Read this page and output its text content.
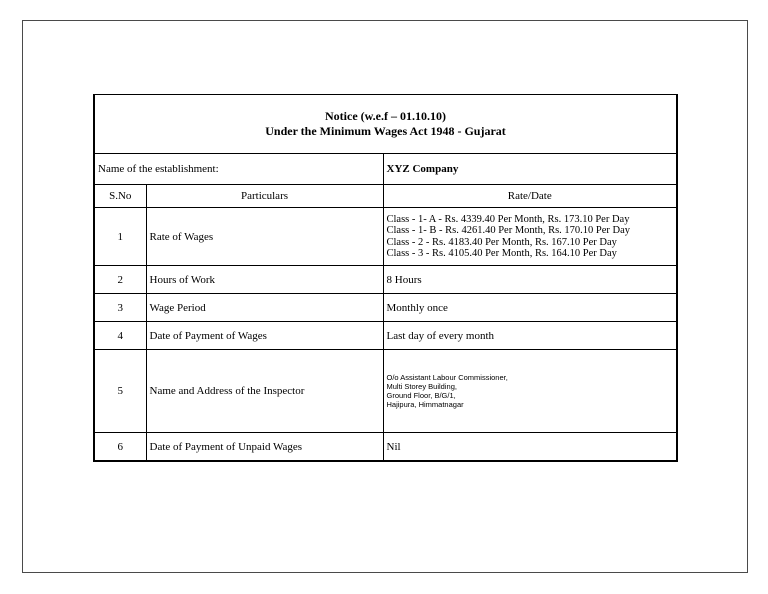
Notice (w.e.f – 01.10.10)
Under the Minimum Wages Act 1948 - Gujarat		

Name of the establishment:		XYZ Company
S.No	Particulars	Rate/Date
1	Rate of Wages	Class - 1- A - Rs. 4339.40 Per Month, Rs. 173.10 Per Day
Class - 1- B - Rs. 4261.40 Per Month, Rs. 170.10 Per Day
Class - 2 - Rs. 4183.40 Per Month, Rs. 167.10 Per Day
Class - 3 - Rs. 4105.40 Per Month, Rs. 164.10 Per Day

2	Hours of Work	8 Hours
3	Wage Period	Monthly once
4	Date of Payment of Wages	Last day of every month
5	Name and Address of the Inspector	O/o Assistant Labour Commissioner,
Multi Storey Building,
Ground Floor, B/G/1,
Hajipura, Himmatnagar

6	Date of Payment of Unpaid Wages	Nil
